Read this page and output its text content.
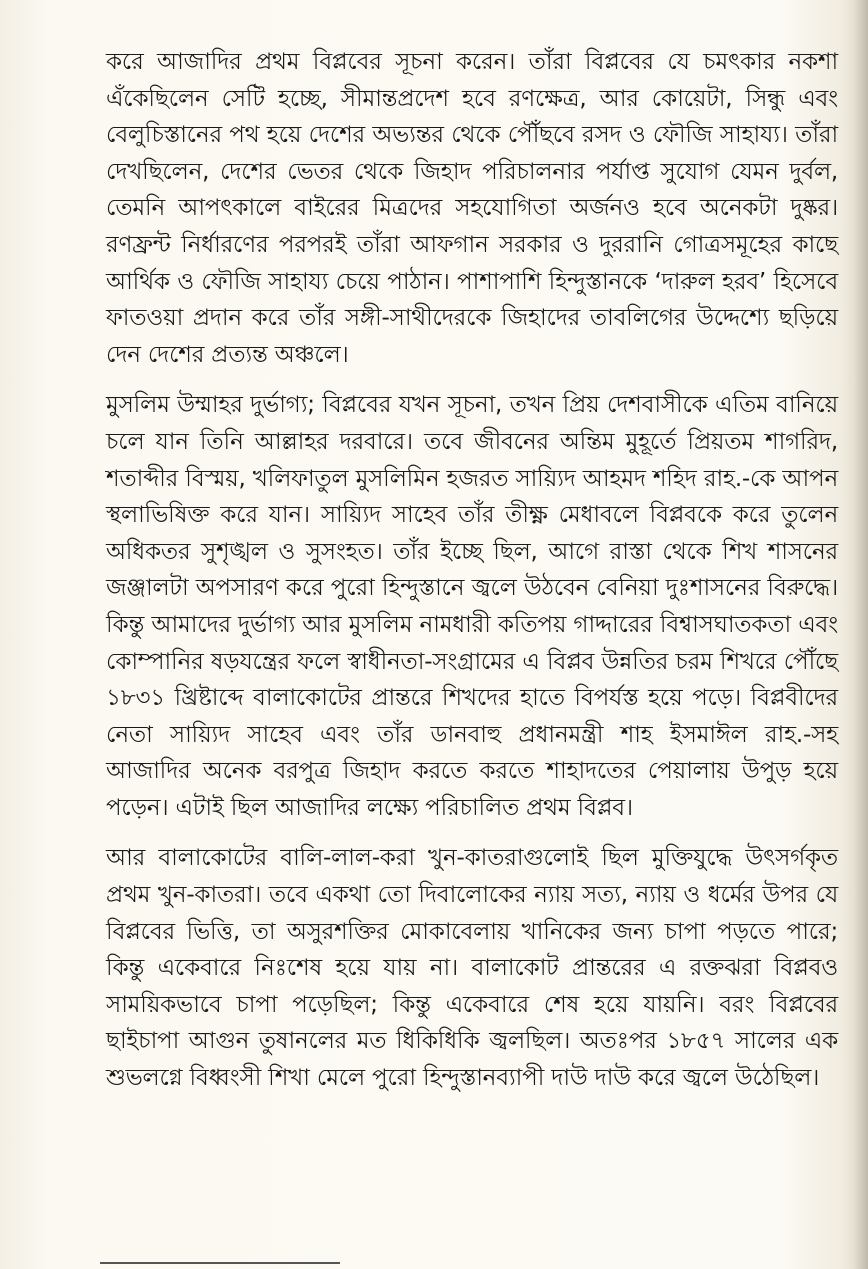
করে আজাদির প্রথম বিপ্লবের সূচনা করেন। তাঁরা বিপ্লবের যে চমৎকার নকশা এঁকেছিলেন সেটি হচ্ছে, সীমান্তপ্রদেশ হবে রণক্ষেত্র, আর কোয়েটা, সিন্ধু এবং বেলুচিস্তানের পথ হয়ে দেশের অভ্যন্তর থেকে পৌঁছবে রসদ ও ফৌজি সাহায্য। তাঁরা দেখছিলেন, দেশের ভেতর থেকে জিহাদ পরিচালনার পর্যাপ্ত সুযোগ যেমন দুর্বল, তেমনি আপৎকালে বাইরের মিত্রদের সহযোগিতা অর্জনও হবে অনেকটা দুষ্কর। রণফ্রন্ট নির্ধারণের পরপরই তাঁরা আফগান সরকার ও দুররানি গোত্রসমূহের কাছে আর্থিক ও ফৌজি সাহায্য চেয়ে পাঠান। পাশাপাশি হিন্দুস্তানকে ‘দারুল হরব’ হিসেবে ফাতওয়া প্রদান করে তাঁর সঙ্গী-সাথীদেরকে জিহাদের তাবলিগের উদ্দেশ্যে ছড়িয়ে দেন দেশের প্রত্যন্ত অঞ্চলে।

মুসলিম উম্মাহর দুর্ভাগ্য; বিপ্লবের যখন সূচনা, তখন প্রিয় দেশবাসীকে এতিম বানিয়ে চলে যান তিনি আল্লাহর দরবারে। তবে জীবনের অন্তিম মুহূর্তে প্রিয়তম শাগরিদ, শতাব্দীর বিস্ময়, খলিফাতুল মুসলিমিন হজরত সায়্যিদ আহমদ শহিদ রাহ.-কে আপন স্থলাভিষিক্ত করে যান। সায়্যিদ সাহেব তাঁর তীক্ষ্ণ মেধাবলে বিপ্লবকে করে তুলেন অধিকতর সুশৃঙ্খল ও সুসংহত। তাঁর ইচ্ছে ছিল, আগে রাস্তা থেকে শিখ শাসনের জঞ্জালটা অপসারণ করে পুরো হিন্দুস্তানে জ্বলে উঠবেন বেনিয়া দুঃশাসনের বিরুদ্ধে। কিন্তু আমাদের দুর্ভাগ্য আর মুসলিম নামধারী কতিপয় গাদ্দারের বিশ্বাসঘাতকতা এবং কোম্পানির ষড়যন্ত্রের ফলে স্বাধীনতা-সংগ্রামের এ বিপ্লব উন্নতির চরম শিখরে পৌঁছে ১৮৩১ খ্রিষ্টাব্দে বালাকোটের প্রান্তরে শিখদের হাতে বিপর্যস্ত হয়ে পড়ে। বিপ্লবীদের নেতা সায়্যিদ সাহেব এবং তাঁর ডানবাহু প্রধানমন্ত্রী শাহ ইসমাঈল রাহ.-সহ আজাদির অনেক বরপুত্র জিহাদ করতে করতে শাহাদতের পেয়ালায় উপুড় হয়ে পড়েন। এটাই ছিল আজাদির লক্ষ্যে পরিচালিত প্রথম বিপ্লব।

আর বালাকোটের বালি-লাল-করা খুন-কাতরাগুলোই ছিল মুক্তিযুদ্ধে উৎসর্গকৃত প্রথম খুন-কাতরা। তবে একথা তো দিবালোকের ন্যায় সত্য, ন্যায় ও ধর্মের উপর যে বিপ্লবের ভিত্তি, তা অসুরশক্তির মোকাবেলায় খানিকের জন্য চাপা পড়তে পারে; কিন্তু একেবারে নিঃশেষ হয়ে যায় না। বালাকোট প্রান্তরের এ রক্তঝরা বিপ্লবও সাময়িকভাবে চাপা পড়েছিল; কিন্তু একেবারে শেষ হয়ে যায়নি। বরং বিপ্লবের ছাইচাপা আগুন তুষানলের মত ধিকিধিকি জ্বলছিল। অতঃপর ১৮৫৭ সালের এক শুভলগ্নে বিধ্বংসী শিখা মেলে পুরো হিন্দুস্তানব্যাপী দাউ দাউ করে জ্বলে উঠেছিল।
